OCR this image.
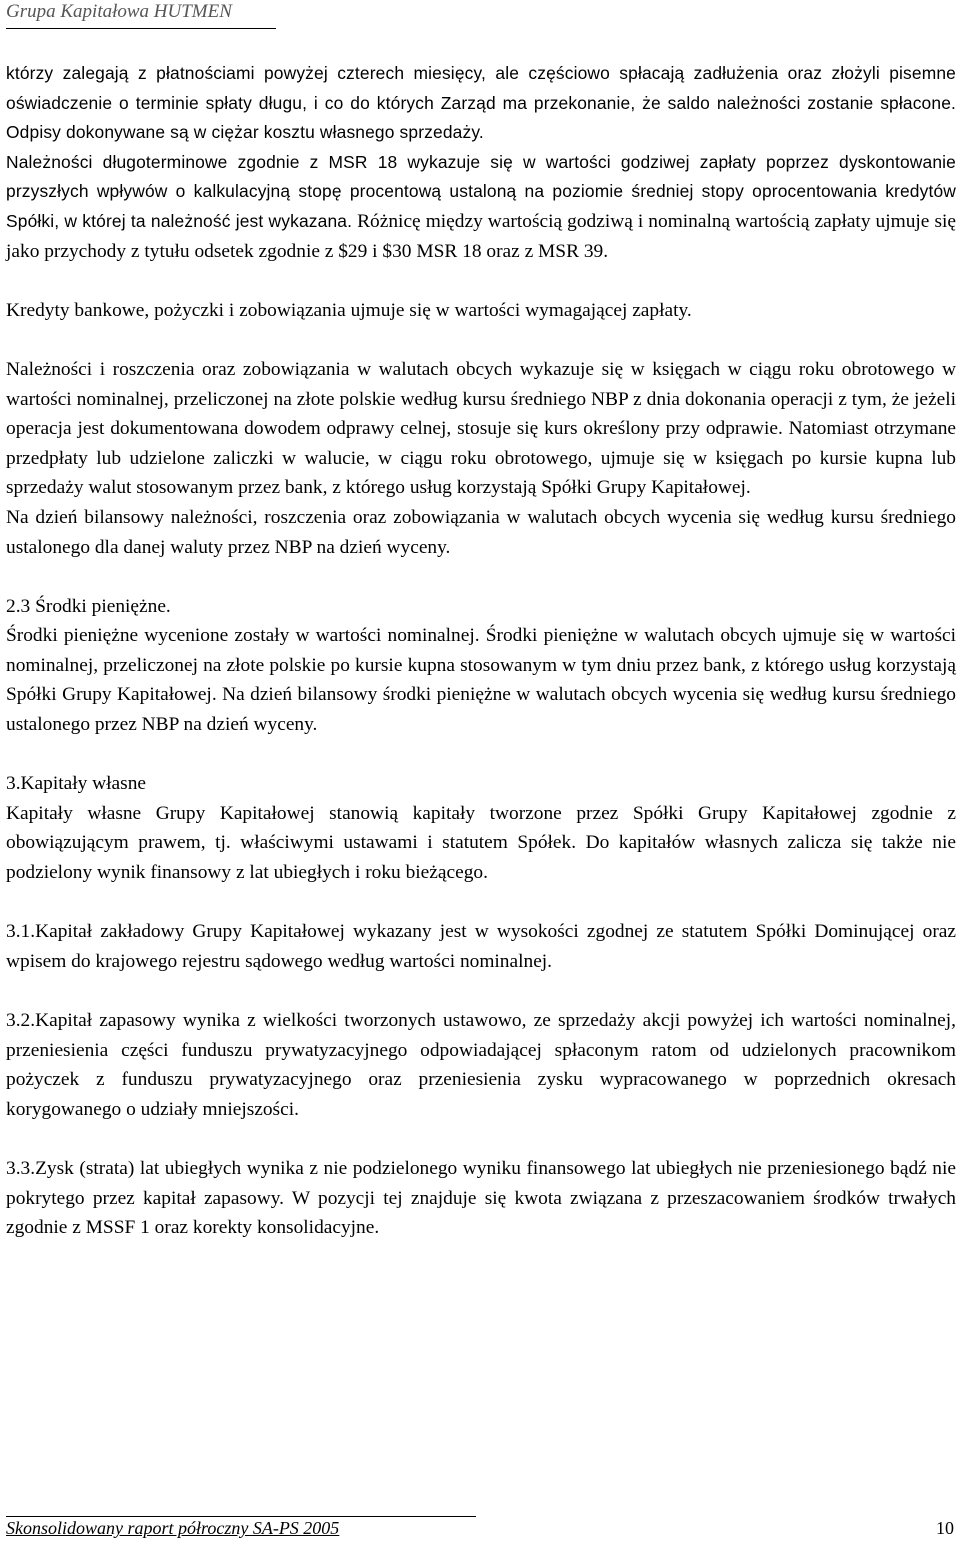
Grupa Kapitałowa HUTMEN

którzy zalegają z płatnościami powyżej czterech miesięcy, ale częściowo spłacają zadłużenia oraz złożyli pisemne oświadczenie o terminie spłaty długu, i co do których Zarząd ma przekonanie, że saldo należności zostanie spłacone. Odpisy dokonywane są w ciężar kosztu własnego sprzedaży.

Należności długoterminowe zgodnie z MSR 18 wykazuje się w wartości godziwej zapłaty poprzez dyskontowanie przyszłych wpływów o kalkulacyjną stopę procentową ustaloną na poziomie średniej stopy oprocentowania kredytów Spółki, w której ta należność jest wykazana. Różnicę między wartością godziwą i nominalną wartością zapłaty ujmuje się jako przychody z tytułu odsetek zgodnie z $29 i $30 MSR 18 oraz z MSR 39.

Kredyty bankowe, pożyczki i zobowiązania ujmuje się w wartości wymagającej zapłaty.

Należności i roszczenia oraz zobowiązania w walutach obcych wykazuje się w księgach w ciągu roku obrotowego w wartości nominalnej, przeliczonej na złote polskie według kursu średniego NBP z dnia dokonania operacji z tym, że jeżeli operacja jest dokumentowana dowodem odprawy celnej, stosuje się kurs określony przy odprawie. Natomiast otrzymane przedpłaty lub udzielone zaliczki w walucie, w ciągu roku obrotowego, ujmuje się w księgach po kursie kupna lub sprzedaży walut stosowanym przez bank, z którego usług korzystają Spółki Grupy Kapitałowej.

Na dzień bilansowy należności, roszczenia oraz zobowiązania w walutach obcych wycenia się według kursu średniego ustalonego dla danej waluty przez NBP na dzień wyceny.

2.3 Środki pieniężne.

Środki pieniężne wycenione zostały w wartości nominalnej. Środki pieniężne w walutach obcych ujmuje się w wartości nominalnej, przeliczonej na złote polskie po kursie kupna stosowanym w tym dniu przez bank, z którego usług korzystają Spółki Grupy Kapitałowej. Na dzień bilansowy środki pieniężne w walutach obcych wycenia się według kursu średniego ustalonego przez NBP na dzień wyceny.

3.Kapitały własne

Kapitały własne Grupy Kapitałowej stanowią kapitały tworzone przez Spółki Grupy Kapitałowej zgodnie z obowiązującym prawem, tj. właściwymi ustawami i statutem Spółek. Do kapitałów własnych zalicza się także nie podzielony wynik finansowy z lat ubiegłych i roku bieżącego.

3.1.Kapitał zakładowy Grupy Kapitałowej wykazany jest w wysokości zgodnej ze statutem Spółki Dominującej oraz wpisem do krajowego rejestru sądowego według wartości nominalnej.

3.2.Kapitał zapasowy wynika z wielkości tworzonych ustawowo, ze sprzedaży akcji powyżej ich wartości nominalnej, przeniesienia części funduszu prywatyzacyjnego odpowiadającej spłaconym ratom od udzielonych pracownikom pożyczek z funduszu prywatyzacyjnego oraz przeniesienia zysku wypracowanego w poprzednich okresach korygowanego o udziały mniejszości.

3.3.Zysk (strata) lat ubiegłych wynika z nie podzielonego wyniku finansowego lat ubiegłych nie przeniesionego bądź nie pokrytego przez kapitał zapasowy. W pozycji tej znajduje się kwota związana z przeszacowaniem środków trwałych zgodnie z MSSF 1 oraz korekty konsolidacyjne.

Skonsolidowany raport półroczny SA-PS 2005	10
